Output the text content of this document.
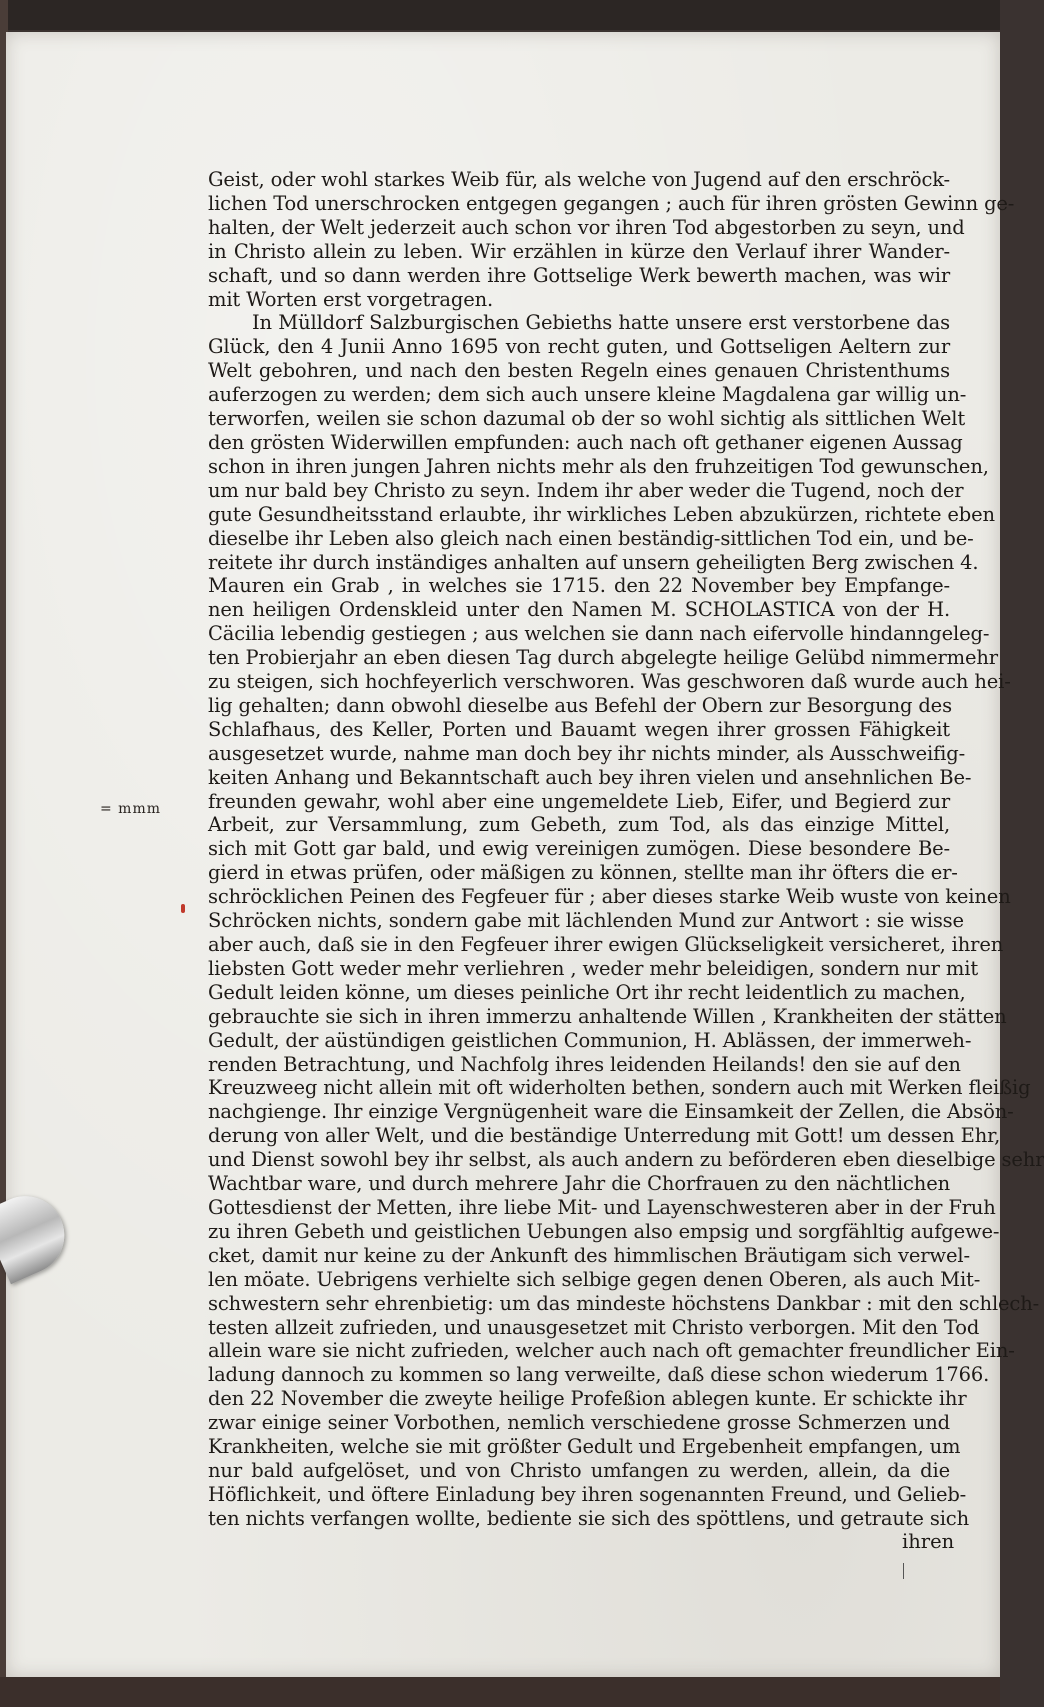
Geist, oder wohl starkes Weib für, als welche von Jugend auf den erschröck-
lichen Tod unerschrocken entgegen gegangen ; auch für ihren grösten Gewinn ge-
halten, der Welt jederzeit auch schon vor ihren Tod abgestorben zu seyn, und
in Christo allein zu leben. Wir erzählen in kürze den Verlauf ihrer Wander-
schaft, und so dann werden ihre Gottselige Werk bewerth machen, was wir
mit Worten erst vorgetragen.
In Mülldorf Salzburgischen Gebieths hatte unsere erst verstorbene das
Glück, den 4 Junii Anno 1695 von recht guten, und Gottseligen Aeltern zur
Welt gebohren, und nach den besten Regeln eines genauen Christenthums
auferzogen zu werden; dem sich auch unsere kleine Magdalena gar willig un-
terworfen, weilen sie schon dazumal ob der so wohl sichtig als sittlichen Welt
den grösten Widerwillen empfunden: auch nach oft gethaner eigenen Aussag
schon in ihren jungen Jahren nichts mehr als den fruhzeitigen Tod gewunschen,
um nur bald bey Christo zu seyn. Indem ihr aber weder die Tugend, noch der
gute Gesundheitsstand erlaubte, ihr wirkliches Leben abzukürzen, richtete eben
dieselbe ihr Leben also gleich nach einen beständig-sittlichen Tod ein, und be-
reitete ihr durch inständiges anhalten auf unsern geheiligten Berg zwischen 4.
Mauren ein Grab , in welches sie 1715. den 22 November bey Empfange-
nen heiligen Ordenskleid unter den Namen M. SCHOLASTICA von der H.
Cäcilia lebendig gestiegen ; aus welchen sie dann nach eifervolle hindanngeleg-
ten Probierjahr an eben diesen Tag durch abgelegte heilige Gelübd nimmermehr
zu steigen, sich hochfeyerlich verschworen. Was geschworen daß wurde auch hei-
lig gehalten; dann obwohl dieselbe aus Befehl der Obern zur Besorgung des
Schlafhaus, des Keller, Porten und Bauamt wegen ihrer grossen Fähigkeit
ausgesetzet wurde, nahme man doch bey ihr nichts minder, als Ausschweifig-
keiten Anhang und Bekanntschaft auch bey ihren vielen und ansehnlichen Be-
freunden gewahr, wohl aber eine ungemeldete Lieb, Eifer, und Begierd zur
Arbeit, zur Versammlung, zum Gebeth, zum Tod, als das einzige Mittel,
sich mit Gott gar bald, und ewig vereinigen zumögen. Diese besondere Be-
gierd in etwas prüfen, oder mäßigen zu können, stellte man ihr öfters die er-
schröcklichen Peinen des Fegfeuer für ; aber dieses starke Weib wuste von keinen
Schröcken nichts, sondern gabe mit lächlenden Mund zur Antwort : sie wisse
aber auch, daß sie in den Fegfeuer ihrer ewigen Glückseligkeit versicheret, ihren
liebsten Gott weder mehr verliehren , weder mehr beleidigen, sondern nur mit
Gedult leiden könne, um dieses peinliche Ort ihr recht leidentlich zu machen,
gebrauchte sie sich in ihren immerzu anhaltende Willen , Krankheiten der stätten
Gedult, der aüstündigen geistlichen Communion, H. Ablässen, der immerweh-
renden Betrachtung, und Nachfolg ihres leidenden Heilands! den sie auf den
Kreuzweeg nicht allein mit oft widerholten bethen, sondern auch mit Werken fleißig
nachgienge. Ihr einzige Vergnügenheit ware die Einsamkeit der Zellen, die Absön-
derung von aller Welt, und die beständige Unterredung mit Gott! um dessen Ehr,
und Dienst sowohl bey ihr selbst, als auch andern zu beförderen eben dieselbige sehr
Wachtbar ware, und durch mehrere Jahr die Chorfrauen zu den nächtlichen
Gottesdienst der Metten, ihre liebe Mit- und Layenschwesteren aber in der Fruh
zu ihren Gebeth und geistlichen Uebungen also empsig und sorgfähltig aufgewe-
cket, damit nur keine zu der Ankunft des himmlischen Bräutigam sich verwel-
len möate. Uebrigens verhielte sich selbige gegen denen Oberen, als auch Mit-
schwestern sehr ehrenbietig: um das mindeste höchstens Dankbar : mit den schlech-
testen allzeit zufrieden, und unausgesetzet mit Christo verborgen. Mit den Tod
allein ware sie nicht zufrieden, welcher auch nach oft gemachter freundlicher Ein-
ladung dannoch zu kommen so lang verweilte, daß diese schon wiederum 1766.
den 22 November die zweyte heilige Profeßion ablegen kunte. Er schickte ihr
zwar einige seiner Vorbothen, nemlich verschiedene grosse Schmerzen und
Krankheiten, welche sie mit größter Gedult und Ergebenheit empfangen, um
nur bald aufgelöset, und von Christo umfangen zu werden, allein, da die
Höflichkeit, und öftere Einladung bey ihren sogenannten Freund, und Gelieb-
ten nichts verfangen wollte, bediente sie sich des spöttlens, und getraute sich
= mmm
ihren
